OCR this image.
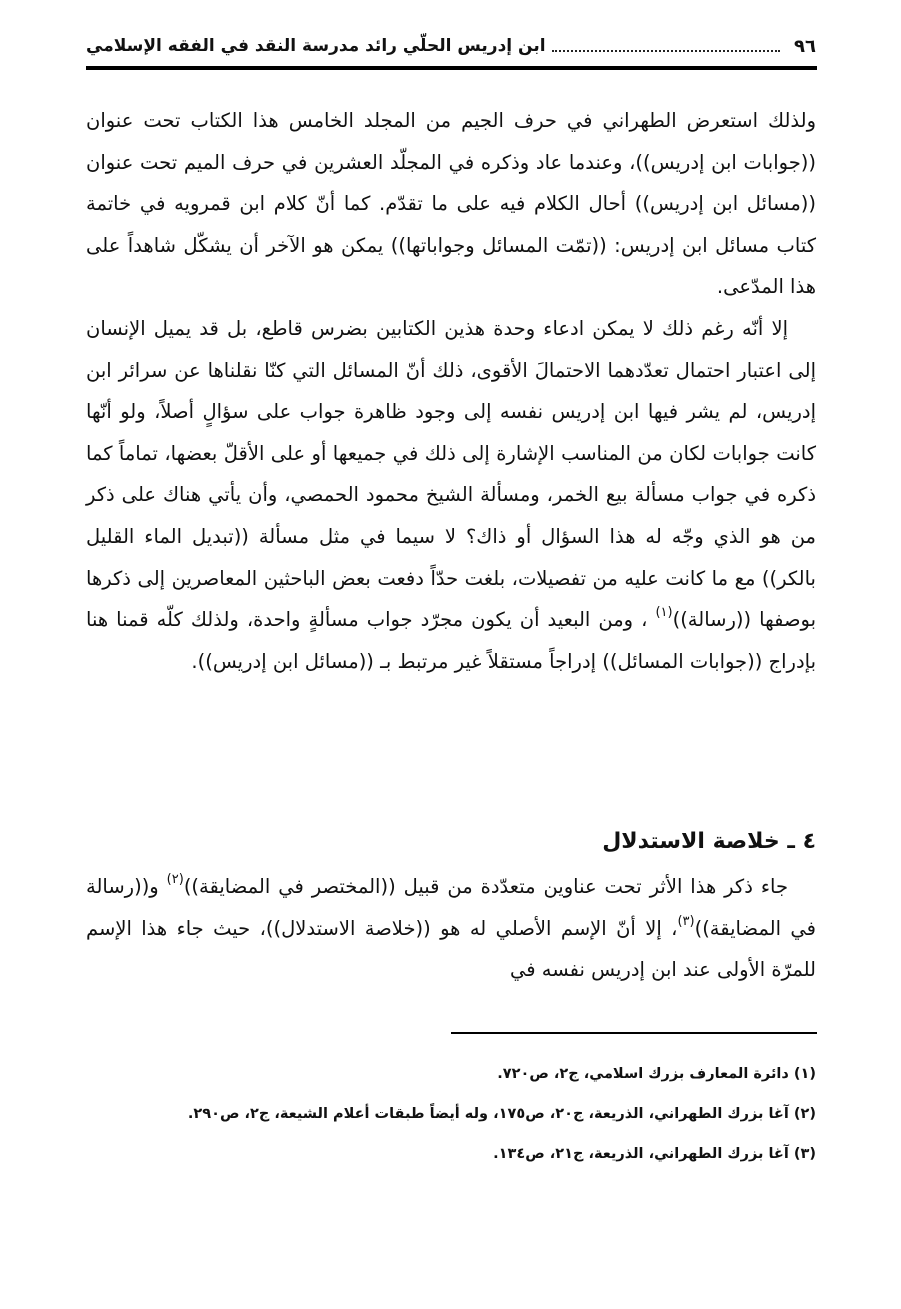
٩٦
ابن إدريس الحلّي رائد مدرسة النقد في الفقه الإسلامي

ولذلك استعرض الطهراني في حرف الجيم من المجلد الخامس هذا الكتاب تحت عنوان ((جوابات ابن إدريس))، وعندما عاد وذكره في المجلّد العشرين في حرف الميم تحت عنوان ((مسائل ابن إدريس)) أحال الكلام فيه على ما تقدّم. كما أنّ كلام ابن قمرويه في خاتمة كتاب مسائل ابن إدريس: ((تمّت المسائل وجواباتها)) يمكن هو الآخر أن يشكّل شاهداً على هذا المدّعى.

إلا أنّه رغم ذلك لا يمكن ادعاء وحدة هذين الكتابين بضرس قاطع، بل قد يميل الإنسان إلى اعتبار احتمال تعدّدهما الاحتمالَ الأقوى، ذلك أنّ المسائل التي كنّا نقلناها عن سرائر ابن إدريس، لم يشر فيها ابن إدريس نفسه إلى وجود ظاهرة جواب على سؤالٍ أصلاً، ولو أنّها كانت جوابات لكان من المناسب الإشارة إلى ذلك في جميعها أو على الأقلّ بعضها، تماماً كما ذكره في جواب مسألة بيع الخمر، ومسألة الشيخ محمود الحمصي، وأن يأتي هناك على ذكر من هو الذي وجّه له هذا السؤال أو ذاك؟ لا سيما في مثل مسألة ((تبديل الماء القليل بالكر)) مع ما كانت عليه من تفصيلات، بلغت حدّاً دفعت بعض الباحثين المعاصرين إلى ذكرها بوصفها ((رسالة))$^{(١)}$ ، ومن البعيد أن يكون مجرّد جواب مسألةٍ واحدة، ولذلك كلّه قمنا هنا بإدراج ((جوابات المسائل)) إدراجاً مستقلاً غير مرتبط بـ ((مسائل ابن إدريس)).

٤ ـ خلاصة الاستدلال

جاء ذكر هذا الأثر تحت عناوين متعدّدة من قبيل ((المختصر في المضايقة))$^{(٢)}$ و((رسالة في المضايقة))$^{(٣)}$، إلا أنّ الإسم الأصلي له هو ((خلاصة الاستدلال))، حيث جاء هذا الإسم للمرّة الأولى عند ابن إدريس نفسه في

(١) دائرة المعارف بزرك اسلامي، ج٢، ص٧٢٠.

(٢) آغا بزرك الطهراني، الذريعة، ج٢٠، ص١٧٥، وله أيضاً طبقات أعلام الشيعة، ج٢، ص٢٩٠.

(٣) آغا بزرك الطهراني، الذريعة، ج٢١، ص١٣٤.
